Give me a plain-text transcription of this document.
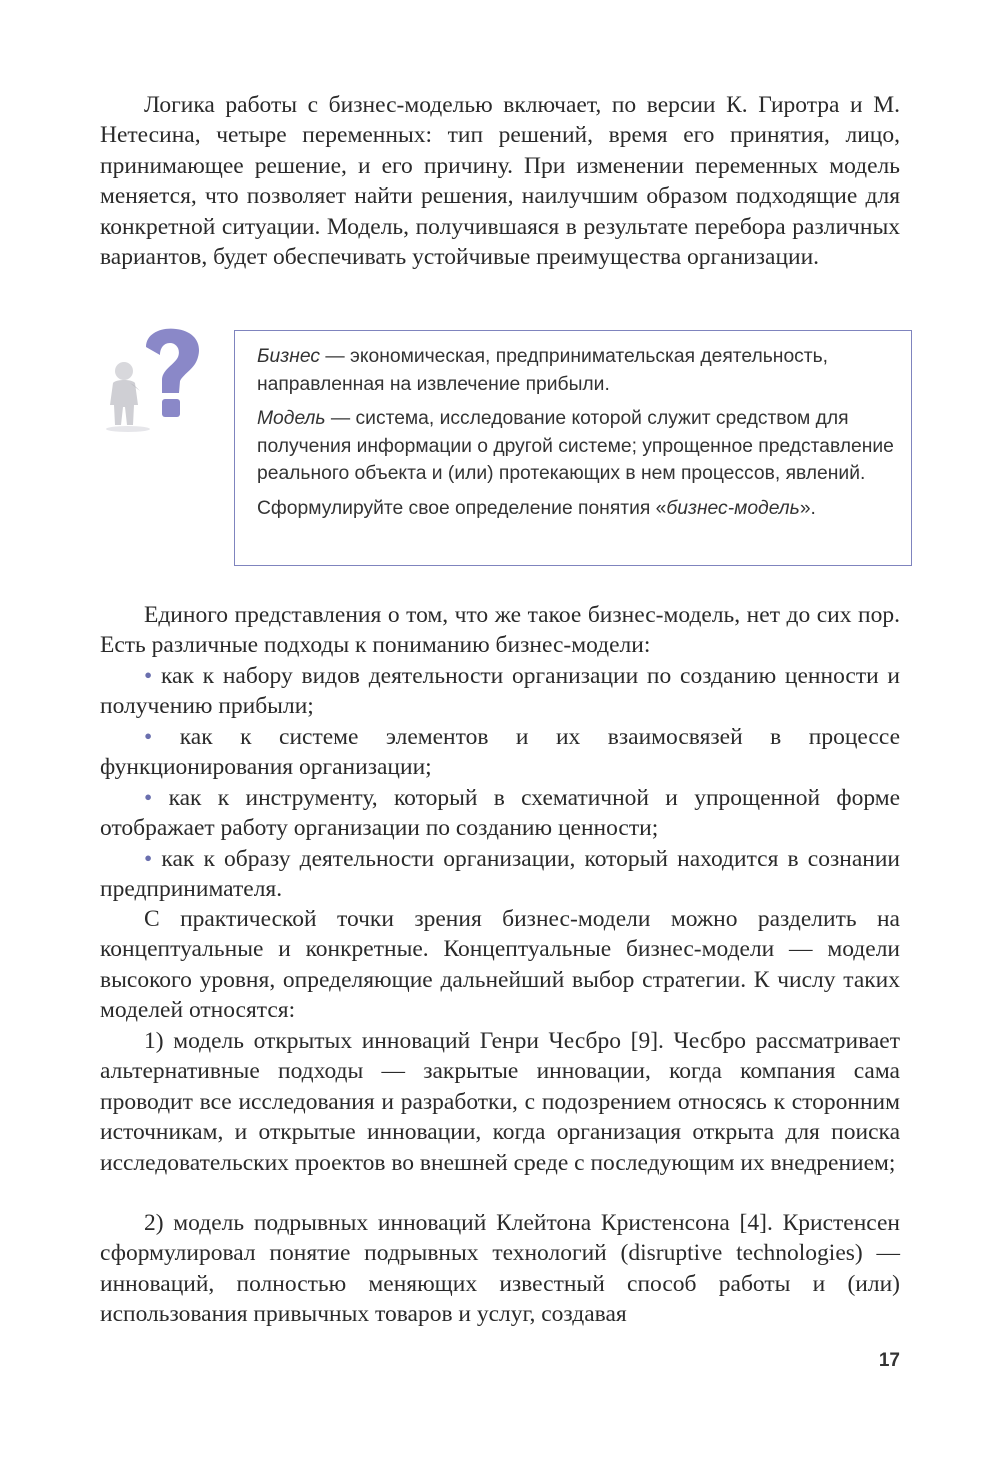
Логика работы с бизнес-моделью включает, по версии К. Гиротра и М. Нетесина, четыре переменных: тип решений, время его принятия, лицо, принимающее решение, и его причину. При изменении переменных модель меняется, что позволяет найти решения, наилучшим образом подходящие для конкретной ситуации. Модель, получившаяся в результате перебора различных вариантов, будет обеспечивать устойчивые преимущества организации.

Бизнес — экономическая, предпринимательская деятельность, направленная на извлечение прибыли.

Модель — система, исследование которой служит средством для получения информации о другой системе; упрощенное представление реального объекта и (или) протекающих в нем процессов, явлений.

Сформулируйте свое определение понятия «бизнес-модель».

Единого представления о том, что же такое бизнес-модель, нет до сих пор. Есть различные подходы к пониманию бизнес-модели:

• как к набору видов деятельности организации по созданию ценности и получению прибыли;

• как к системе элементов и их взаимосвязей в процессе функционирования организации;

• как к инструменту, который в схематичной и упрощенной форме отображает работу организации по созданию ценности;

• как к образу деятельности организации, который находится в сознании предпринимателя.

С практической точки зрения бизнес-модели можно разделить на концептуальные и конкретные. Концептуальные бизнес-модели — модели высокого уровня, определяющие дальнейший выбор стратегии. К числу таких моделей относятся:

1) модель открытых инноваций Генри Чесбро [9]. Чесбро рассматривает альтернативные подходы — закрытые инновации, когда компания сама проводит все исследования и разработки, с подозрением относясь к сторонним источникам, и открытые инновации, когда организация открыта для поиска исследовательских проектов во внешней среде с последующим их внедрением;

2) модель подрывных инноваций Клейтона Кристенсона [4]. Кристенсен сформулировал понятие подрывных технологий (disruptive technologies) — инноваций, полностью меняющих известный способ работы и (или) использования привычных товаров и услуг, создавая

17
